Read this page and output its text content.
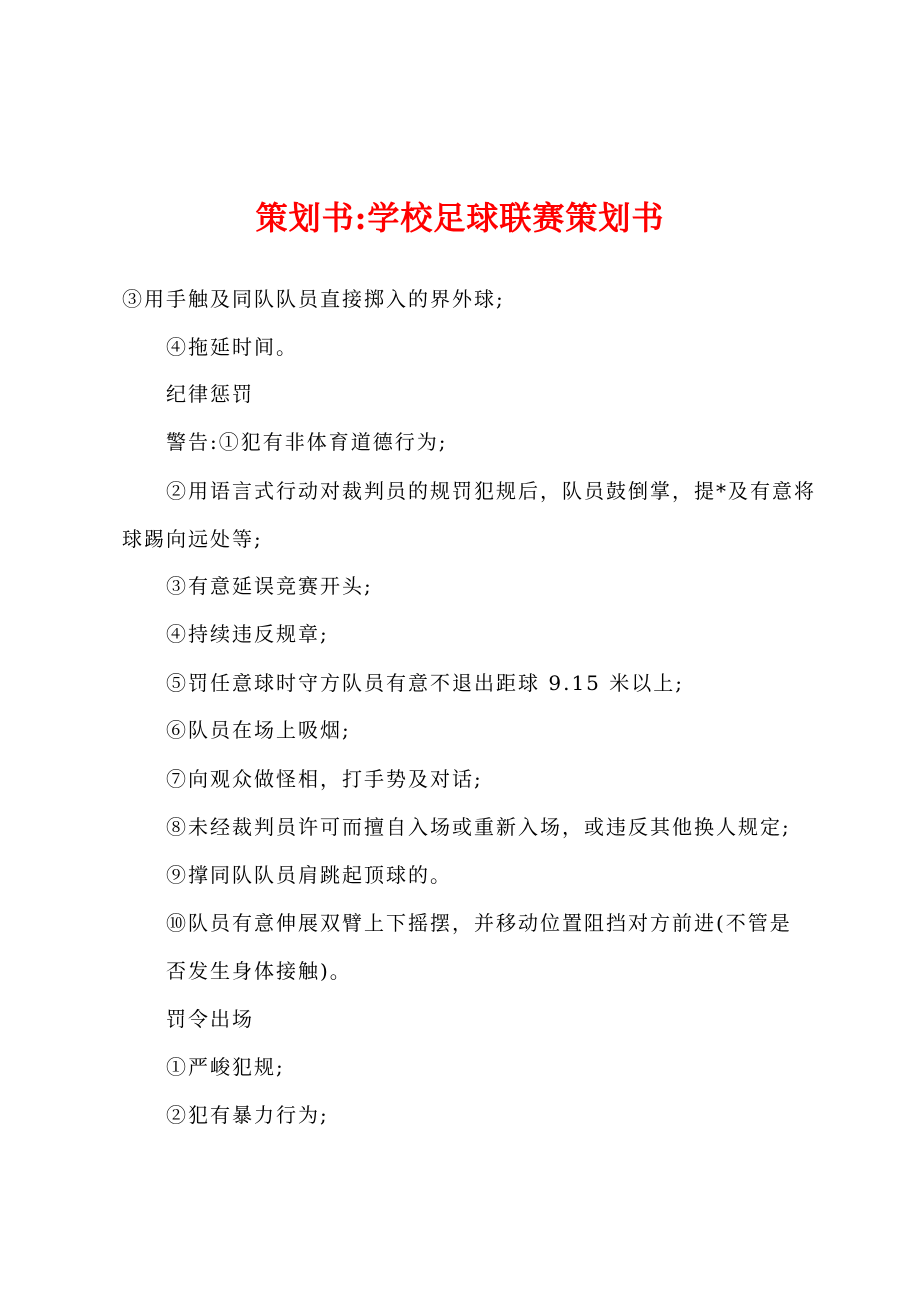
策划书:学校足球联赛策划书

③用手触及同队队员直接掷入的界外球;

④拖延时间。

纪律惩罚

警告:①犯有非体育道德行为;

②用语言式行动对裁判员的规罚犯规后，队员鼓倒掌，提*及有意将

球踢向远处等;

③有意延误竞赛开头;

④持续违反规章;

⑤罚任意球时守方队员有意不退出距球 9.15 米以上;

⑥队员在场上吸烟;

⑦向观众做怪相，打手势及对话;

⑧未经裁判员许可而擅自入场或重新入场，或违反其他换人规定;

⑨撑同队队员肩跳起顶球的。

⑩队员有意伸展双臂上下摇摆，并移动位置阻挡对方前进(不管是

否发生身体接触)。

罚令出场

①严峻犯规;

②犯有暴力行为;
